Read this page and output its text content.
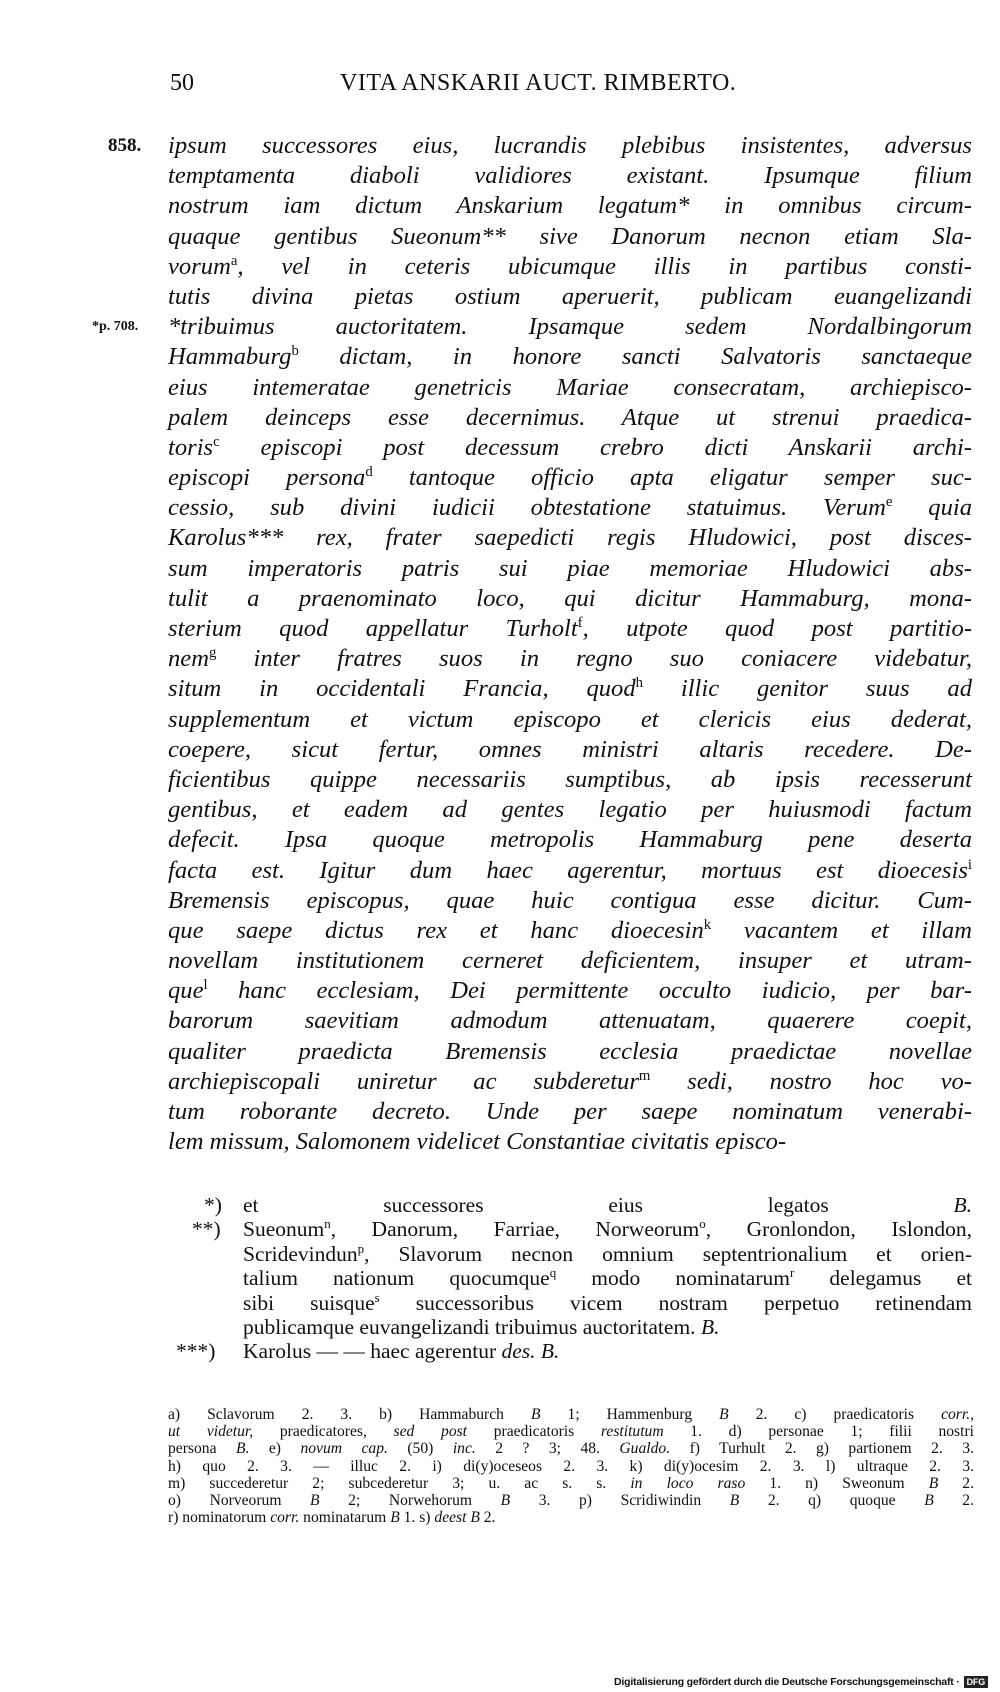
50	VITA ANSKARII AUCT. RIMBERTO.
858. ipsum successores eius, lucrandis plebibus insistentes, adversus
temptamenta diaboli validiores existant. Ipsumque filium
nostrum iam dictum Anskarium legatum* in omnibus circum-
quaque gentibus Sueonum** sive Danorum necnon etiam Sla-
vorum$^a$, vel in ceteris ubicumque illis in partibus consti-
tutis divina pietas ostium aperuerit, publicam euangelizandi
*p. 708. *tribuimus auctoritatem. Ipsamque sedem Nordalbingorum
Hammaburg$^b$ dictam, in honore sancti Salvatoris sanctaeque
eius intemeratae genetricis Mariae consecratam, archiepisco-
palem deinceps esse decernimus. Atque ut strenui praedica-
toris$^c$ episcopi post decessum crebro dicti Anskarii archi-
episcopi persona$^d$ tantoque officio apta eligatur semper suc-
cessio, sub divini iudicii obtestatione statuimus. Verum$^e$ quia
Karolus*** rex, frater saepedicti regis Hludowici, post disces-
sum imperatoris patris sui piae memoriae Hludowici abs-
tulit a praenominato loco, qui dicitur Hammaburg, mona-
sterium quod appellatur Turholt$^f$, utpote quod post partitio-
nem$^g$ inter fratres suos in regno suo coniacere videbatur,
situm in occidentali Francia, quod$^h$ illic genitor suus ad
supplementum et victum episcopo et clericis eius dederat,
coepere, sicut fertur, omnes ministri altaris recedere. De-
ficientibus quippe necessariis sumptibus, ab ipsis recesserunt
gentibus, et eadem ad gentes legatio per huiusmodi factum
defecit. Ipsa quoque metropolis Hammaburg pene deserta
facta est. Igitur dum haec agerentur, mortuus est dioecesis$^i$
Bremensis episcopus, quae huic contigua esse dicitur. Cum-
que saepe dictus rex et hanc dioecesin$^k$ vacantem et illam
novellam institutionem cerneret deficientem, insuper et utram-
que$^l$ hanc ecclesiam, Dei permittente occulto iudicio, per bar-
barorum saevitiam admodum attenuatam, quaerere coepit,
qualiter praedicta Bremensis ecclesia praedictae novellae
archiepiscopali uniretur ac subderetur$^m$ sedi, nostro hoc vo-
tum roborante decreto. Unde per saepe nominatum venerabi-
lem missum, Salomonem videlicet Constantiae civitatis episco-
*) et successores eius legatos B.
**) Sueonum$^n$, Danorum, Farriae, Norweorum$^o$, Gronlondon, Islondon,
Scridevindun$^p$, Slavorum necnon omnium septentrionalium et orien-
talium nationum quocumque$^q$ modo nominatarum$^r$ delegamus et
sibi suisque$^s$ successoribus vicem nostram perpetuo retinendam
publicamque euvangelizandi tribuimus auctoritatem. B.
***) Karolus — — haec agerentur des. B.
a) Sclavorum 2. 3. b) Hammaburch B 1; Hammenburg B 2. c) praedicatoris corr.,
ut videtur, praedicatores, sed post praedicatoris restitutum 1. d) personae 1; filii nostri
persona B. e) novum cap. (50) inc. 2 ? 3; 48. Gualdo. f) Turhult 2. g) partionem 2. 3.
h) quo 2. 3. — illuc 2. i) di(y)oceseos 2. 3. k) di(y)ocesim 2. 3. l) ultraque 2. 3.
m) succederetur 2; subcederetur 3; u. ac s. s. in loco raso 1. n) Sweonum B 2.
o) Norveorum B 2; Norwehorum B 3. p) Scridiwindin B 2. q) quoque B 2.
r) nominatorum corr. nominatarum B 1. s) deest B 2.
Digitalisierung gefördert durch die Deutsche Forschungsgemeinschaft · DFG
